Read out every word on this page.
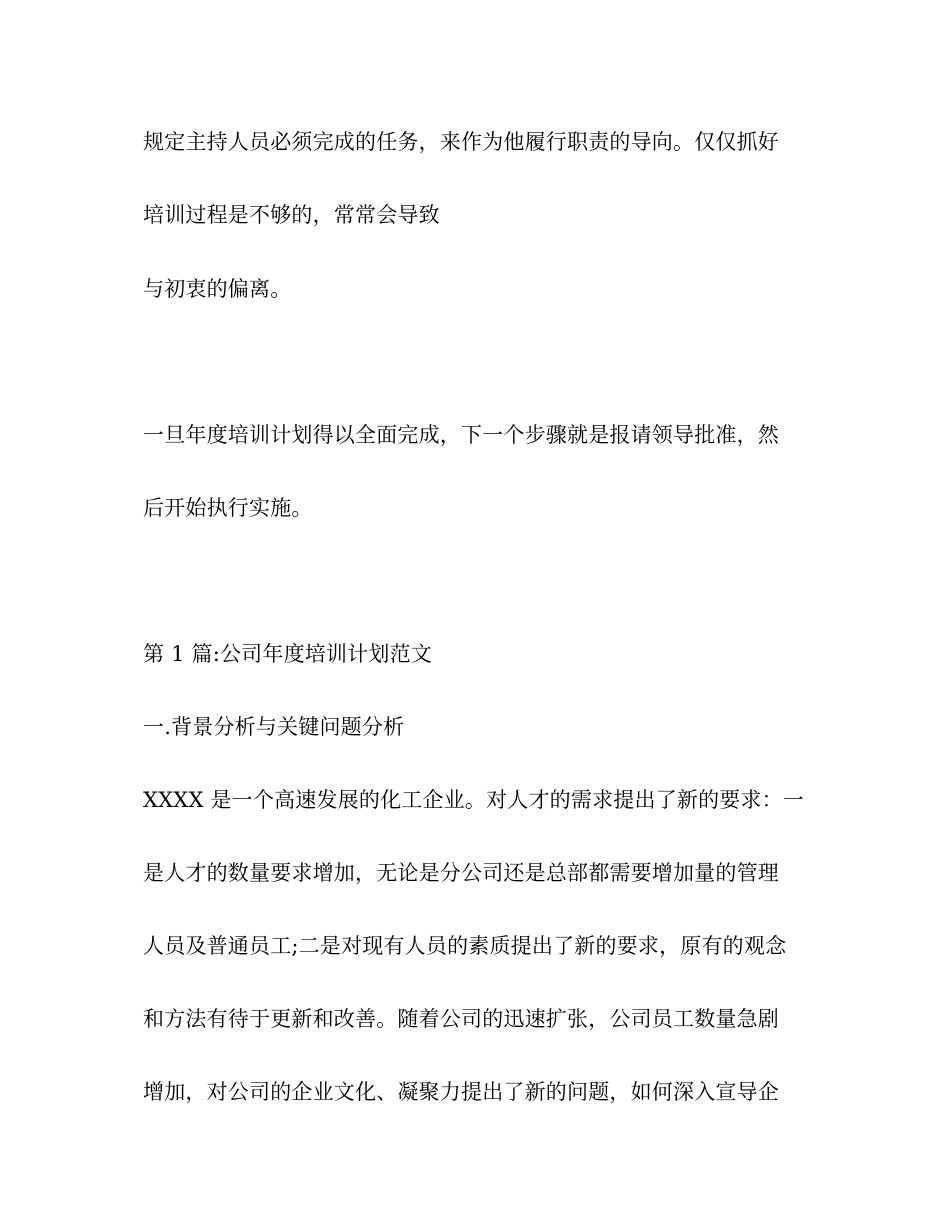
规定主持人员必须完成的任务，来作为他履行职责的导向。仅仅抓好
培训过程是不够的，常常会导致
与初衷的偏离。
一旦年度培训计划得以全面完成，下一个步骤就是报请领导批准，然
后开始执行实施。
第 1 篇:公司年度培训计划范文
一.背景分析与关键问题分析
XXXX 是一个高速发展的化工企业。对人才的需求提出了新的要求：一
是人才的数量要求增加，无论是分公司还是总部都需要增加量的管理
人员及普通员工;二是对现有人员的素质提出了新的要求，原有的观念
和方法有待于更新和改善。随着公司的迅速扩张，公司员工数量急剧
增加，对公司的企业文化、凝聚力提出了新的问题，如何深入宣导企
